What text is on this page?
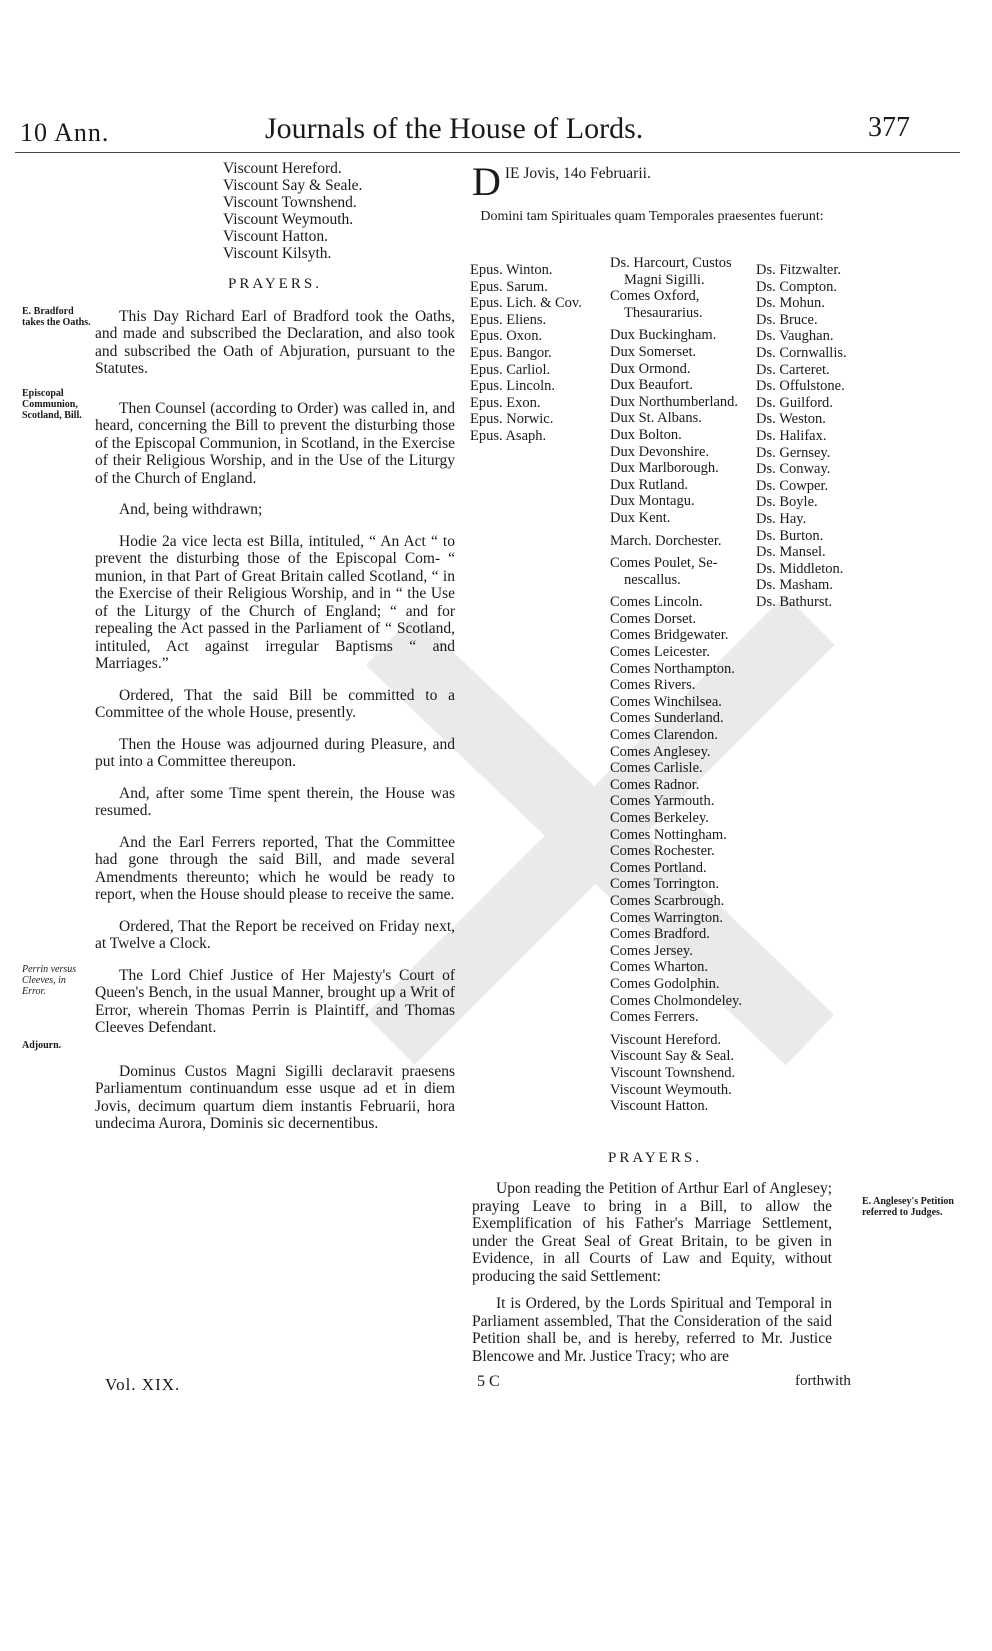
10 Ann.	Journals of the House of Lords.	377
E. Bradford takes the Oaths.
Episcopal Communion, Scotland, Bill.
Perrin versus Cleeves, in Error.
Adjourn.
Viscount Hereford.
Viscount Say & Seale.
Viscount Townshend.
Viscount Weymouth.
Viscount Hatton.
Viscount Kilsyth.
PRAYERS.

This Day Richard Earl of Bradford took the Oaths, and made and subscribed the Declaration, and also took and subscribed the Oath of Abjuration, pursuant to the Statutes.

Then Counsel (according to Order) was called in, and heard, concerning the Bill to prevent the disturbing those of the Episcopal Communion, in Scotland, in the Exercise of their Religious Worship, and in the Use of the Liturgy of the Church of England.

And, being withdrawn;

Hodie 2a vice lecta est Billa, intituled, “ An Act “ to prevent the disturbing those of the Episcopal Com- “ munion, in that Part of Great Britain called Scotland, “ in the Exercise of their Religious Worship, and in “ the Use of the Liturgy of the Church of England; “ and for repealing the Act passed in the Parliament of “ Scotland, intituled, Act against irregular Baptisms “ and Marriages.”

Ordered, That the said Bill be committed to a Committee of the whole House, presently.

Then the House was adjourned during Pleasure, and put into a Committee thereupon.

And, after some Time spent therein, the House was resumed.

And the Earl Ferrers reported, That the Committee had gone through the said Bill, and made several Amendments thereunto; which he would be ready to report, when the House should please to receive the same.

Ordered, That the Report be received on Friday next, at Twelve a Clock.

The Lord Chief Justice of Her Majesty's Court of Queen's Bench, in the usual Manner, brought up a Writ of Error, wherein Thomas Perrin is Plaintiff, and Thomas Cleeves Defendant.

Dominus Custos Magni Sigilli declaravit praesens Parliamentum continuandum esse usque ad et in diem Jovis, decimum quartum diem instantis Februarii, hora undecima Aurora, Dominis sic decernentibus.

D IE Jovis, 14o Februarii.
Domini tam Spirituales quam Temporales praesentes fuerunt:
Epus. Winton.
Epus. Sarum.
Epus. Lich. & Cov.
Epus. Eliens.
Epus. Oxon.
Epus. Bangor.
Epus. Carliol.
Epus. Lincoln.
Epus. Exon.
Epus. Norwic.
Epus. Asaph.
Ds. Harcourt, Custos
Magni Sigilli.
Comes Oxford,
Thesaurarius.
Dux Buckingham.
Dux Somerset.
Dux Ormond.
Dux Beaufort.
Dux Northumberland.
Dux St. Albans.
Dux Bolton.
Dux Devonshire.
Dux Marlborough.
Dux Rutland.
Dux Montagu.
Dux Kent.
March. Dorchester.
Comes Poulet, Se-
nescallus.
Comes Lincoln.
Comes Dorset.
Comes Bridgewater.
Comes Leicester.
Comes Northampton.
Comes Rivers.
Comes Winchilsea.
Comes Sunderland.
Comes Clarendon.
Comes Anglesey.
Comes Carlisle.
Comes Radnor.
Comes Yarmouth.
Comes Berkeley.
Comes Nottingham.
Comes Rochester.
Comes Portland.
Comes Torrington.
Comes Scarbrough.
Comes Warrington.
Comes Bradford.
Comes Jersey.
Comes Wharton.
Comes Godolphin.
Comes Cholmondeley.
Comes Ferrers.
Viscount Hereford.
Viscount Say & Seal.
Viscount Townshend.
Viscount Weymouth.
Viscount Hatton.
Ds. Fitzwalter.
Ds. Compton.
Ds. Mohun.
Ds. Bruce.
Ds. Vaughan.
Ds. Cornwallis.
Ds. Carteret.
Ds. Offulstone.
Ds. Guilford.
Ds. Weston.
Ds. Halifax.
Ds. Gernsey.
Ds. Conway.
Ds. Cowper.
Ds. Boyle.
Ds. Hay.
Ds. Burton.
Ds. Mansel.
Ds. Middleton.
Ds. Masham.
Ds. Bathurst.
PRAYERS.
E. Anglesey's Petition referred to Judges.

Upon reading the Petition of Arthur Earl of Anglesey; praying Leave to bring in a Bill, to allow the Exemplification of his Father's Marriage Settlement, under the Great Seal of Great Britain, to be given in Evidence, in all Courts of Law and Equity, without producing the said Settlement:

It is Ordered, by the Lords Spiritual and Temporal in Parliament assembled, That the Consideration of the said Petition shall be, and is hereby, referred to Mr. Justice Blencowe and Mr. Justice Tracy; who are

Vol. XIX.	5 C	forthwith
